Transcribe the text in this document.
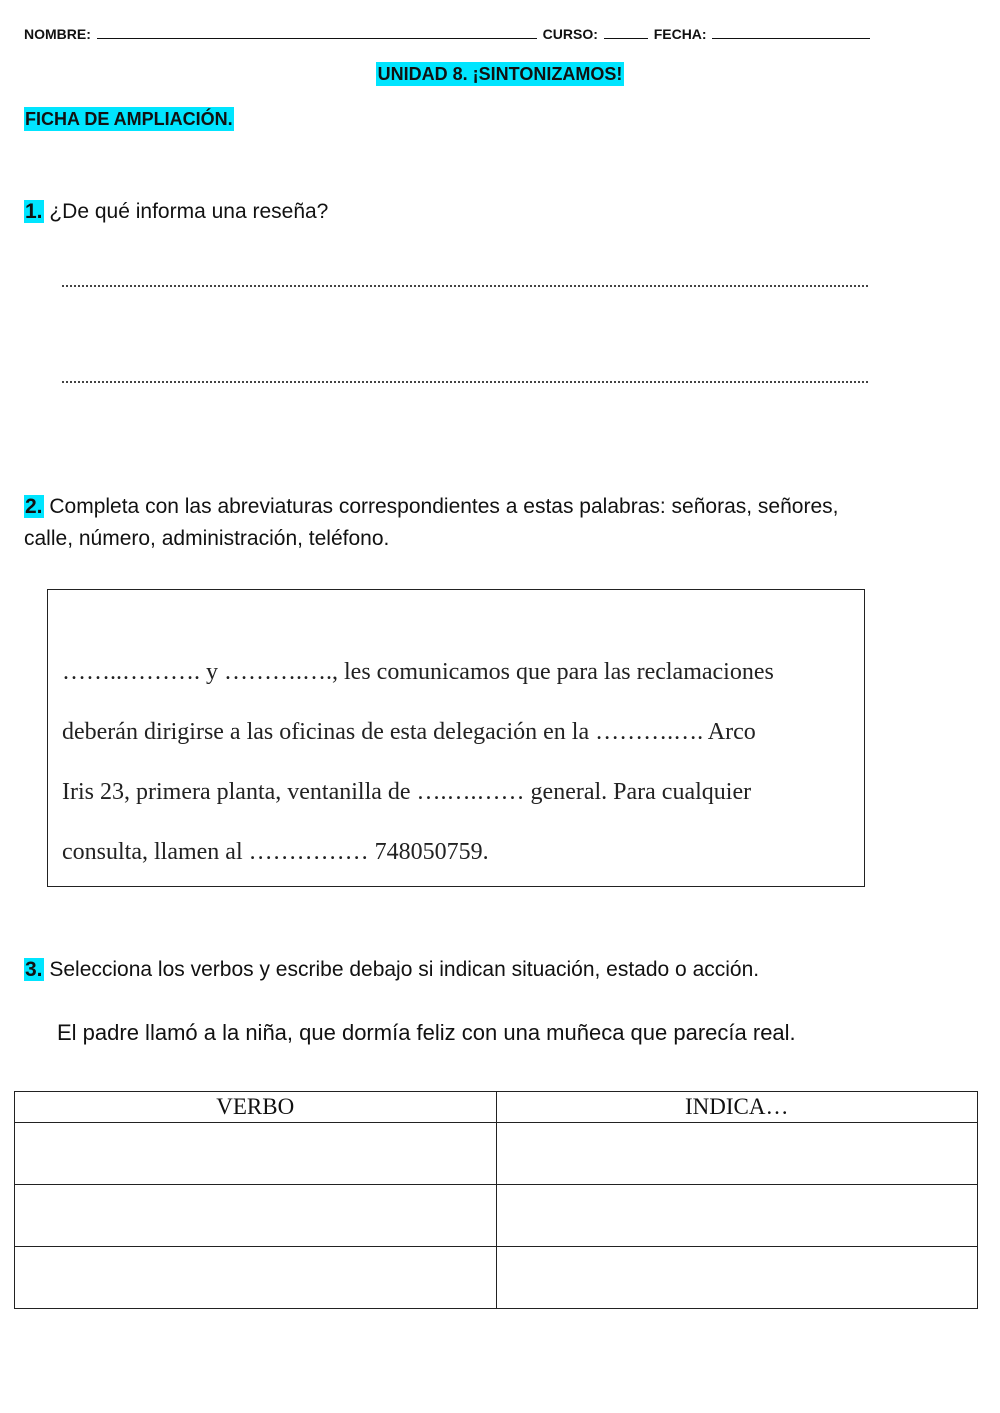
NOMBRE:	CURSO:	FECHA:
UNIDAD 8. ¡SINTONIZAMOS!
FICHA DE AMPLIACIÓN.
1. ¿De qué informa una reseña?
2. Completa con las abreviaturas correspondientes a estas palabras: señoras, señores,
calle, número, administración, teléfono.
……..………. y ……….…., les comunicamos que para las reclamaciones
deberán dirigirse a las oficinas de esta delegación en la ……….…. Arco
Iris 23, primera planta, ventanilla de ….….…… general. Para cualquier
consulta, llamen al …………… 748050759.
3. Selecciona los verbos y escribe debajo si indican situación, estado o acción.
El padre llamó a la niña, que dormía feliz con una muñeca que parecía real.
VERBO	INDICA…
